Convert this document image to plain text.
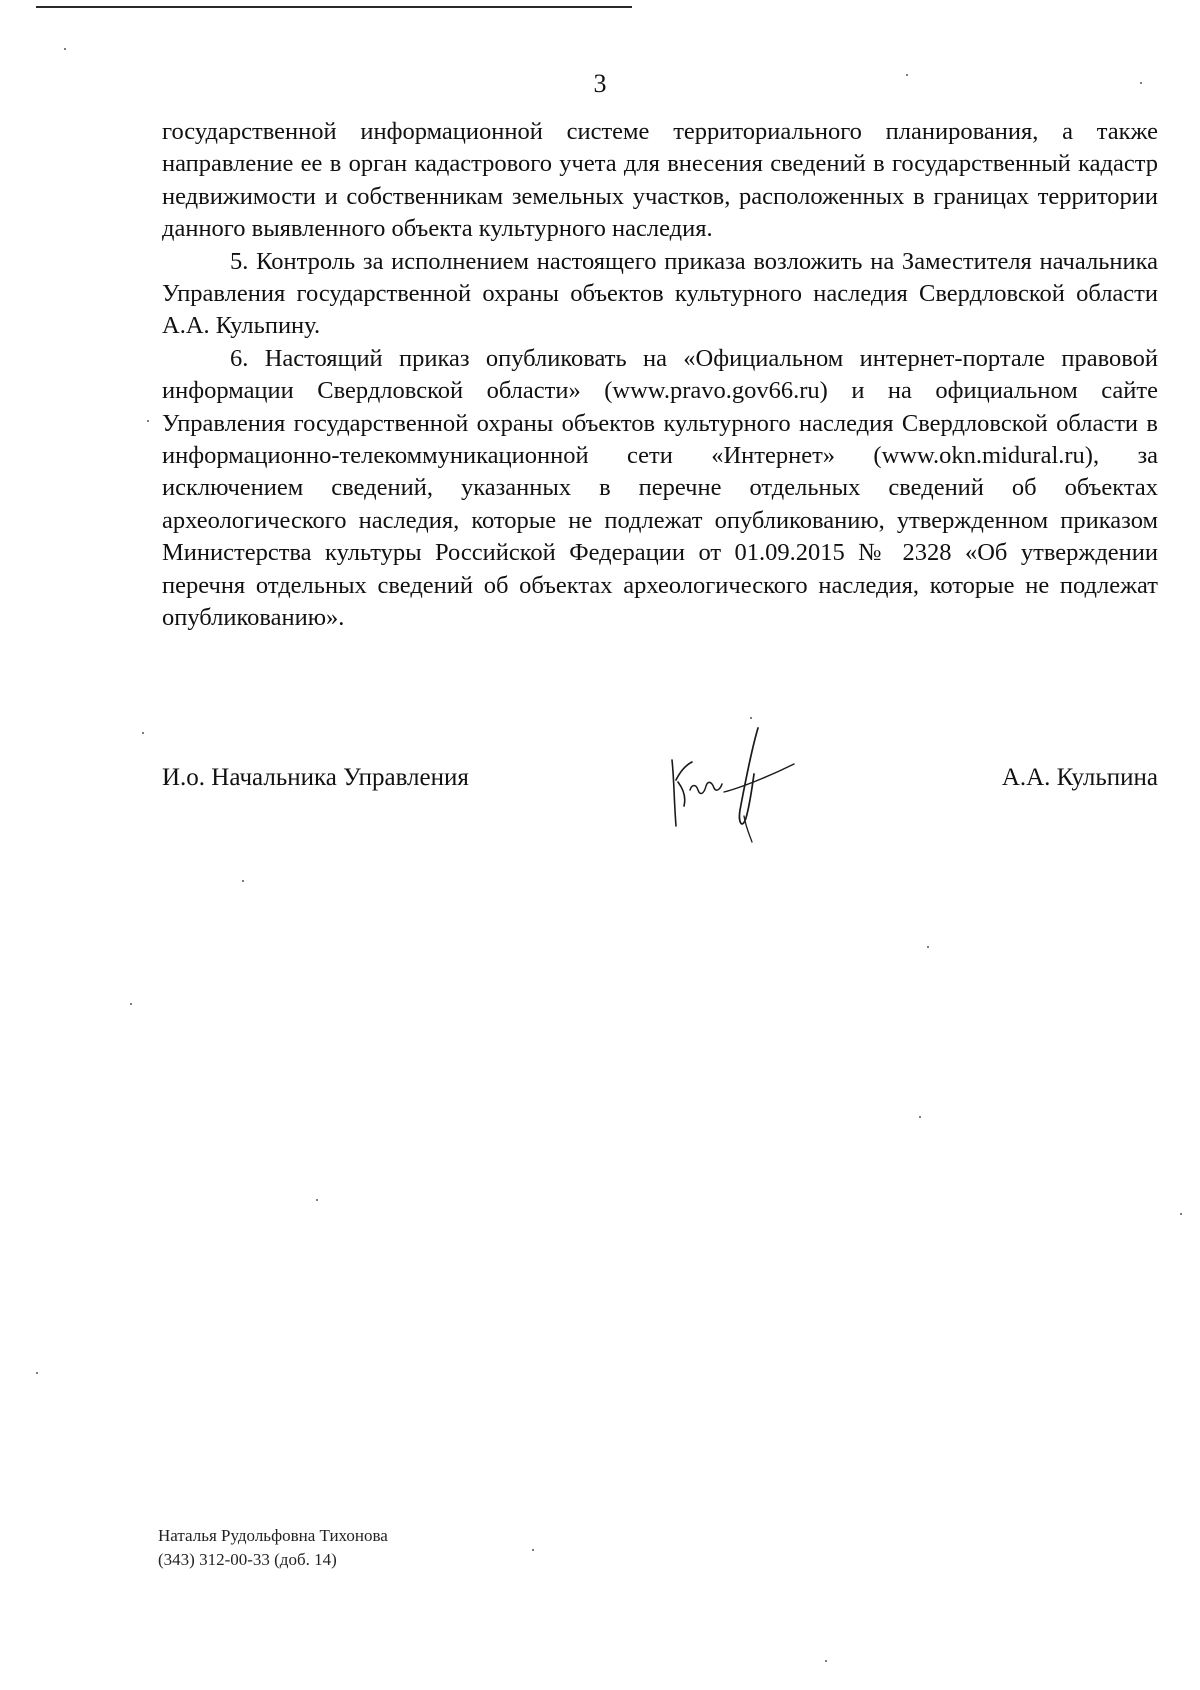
3

государственной информационной системе территориального планирования, а также направление ее в орган кадастрового учета для внесения сведений в государственный кадастр недвижимости и собственникам земельных участков, расположенных в границах территории данного выявленного объекта культурного наследия.

5. Контроль за исполнением настоящего приказа возложить на Заместителя начальника Управления государственной охраны объектов культурного наследия Свердловской области А.А. Кульпину.

6. Настоящий приказ опубликовать на «Официальном интернет-портале правовой информации Свердловской области» (www.pravo.gov66.ru) и на официальном сайте Управления государственной охраны объектов культурного наследия Свердловской области в информационно-телекоммуникационной сети «Интернет» (www.okn.midural.ru), за исключением сведений, указанных в перечне отдельных сведений об объектах археологического наследия, которые не подлежат опубликованию, утвержденном приказом Министерства культуры Российской Федерации от 01.09.2015 № 2328 «Об утверждении перечня отдельных сведений об объектах археологического наследия, которые не подлежат опубликованию».

И.о. Начальника Управления	А.А. Кульпина
Наталья Рудольфовна Тихонова
(343) 312-00-33 (доб. 14)
